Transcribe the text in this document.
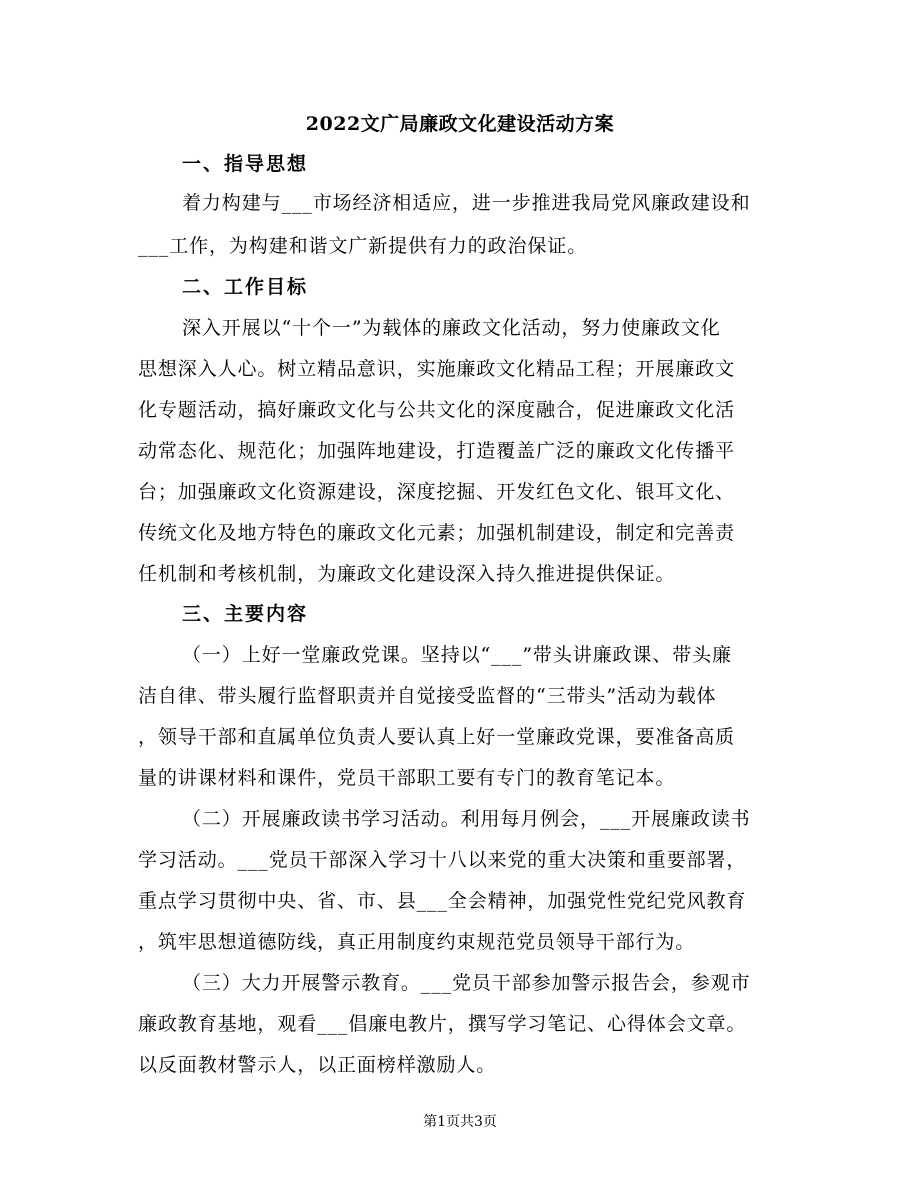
2022文广局廉政文化建设活动方案
一、指导思想
着力构建与___市场经济相适应，进一步推进我局党风廉政建设和
___工作，为构建和谐文广新提供有力的政治保证。
二、工作目标
深入开展以“十个一”为载体的廉政文化活动，努力使廉政文化
思想深入人心。树立精品意识，实施廉政文化精品工程；开展廉政文
化专题活动，搞好廉政文化与公共文化的深度融合，促进廉政文化活
动常态化、规范化；加强阵地建设，打造覆盖广泛的廉政文化传播平
台；加强廉政文化资源建设，深度挖掘、开发红色文化、银耳文化、
传统文化及地方特色的廉政文化元素；加强机制建设，制定和完善责
任机制和考核机制，为廉政文化建设深入持久推进提供保证。
三、主要内容
（一）上好一堂廉政党课。坚持以“___”带头讲廉政课、带头廉
洁自律、带头履行监督职责并自觉接受监督的“三带头”活动为载体
，领导干部和直属单位负责人要认真上好一堂廉政党课，要准备高质
量的讲课材料和课件，党员干部职工要有专门的教育笔记本。
（二）开展廉政读书学习活动。利用每月例会，___开展廉政读书
学习活动。___党员干部深入学习十八以来党的重大决策和重要部署，
重点学习贯彻中央、省、市、县___全会精神，加强党性党纪党风教育
，筑牢思想道德防线，真正用制度约束规范党员领导干部行为。
（三）大力开展警示教育。___党员干部参加警示报告会，参观市
廉政教育基地，观看___倡廉电教片，撰写学习笔记、心得体会文章。
以反面教材警示人，以正面榜样激励人。
第1页共3页
